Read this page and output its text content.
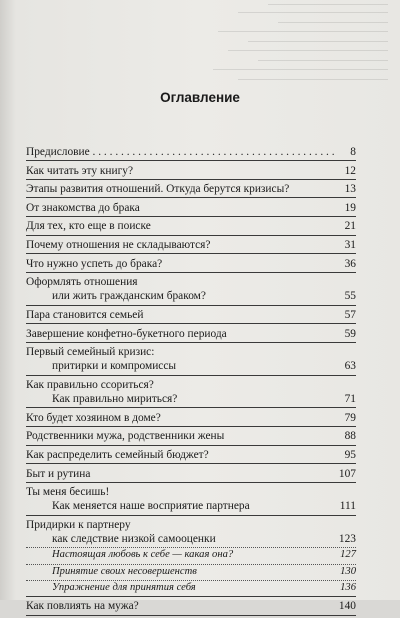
Оглавление
Предисловие . . .	8
Как читать эту книгу?	12
Этапы развития отношений. Откуда берутся кризисы?	13
От знакомства до брака	19
Для тех, кто еще в поиске	21
Почему отношения не складываются?	31
Что нужно успеть до брака?	36
Оформлять отношения
или жить гражданским браком?	55
Пара становится семьей	57
Завершение конфетно-букетного периода	59
Первый семейный кризис:
притирки и компромиссы	63
Как правильно ссориться?
Как правильно мириться?	71
Кто будет хозяином в доме?	79
Родственники мужа, родственники жены	88
Как распределить семейный бюджет?	95
Быт и рутина	107
Ты меня бесишь!
Как меняется наше восприятие партнера	111
Придирки к партнеру
как следствие низкой самооценки	123
Настоящая любовь к себе — какая она?	127
Принятие своих несовершенств	130
Упражнение для принятия себя	136
Как повлиять на мужа?	140
